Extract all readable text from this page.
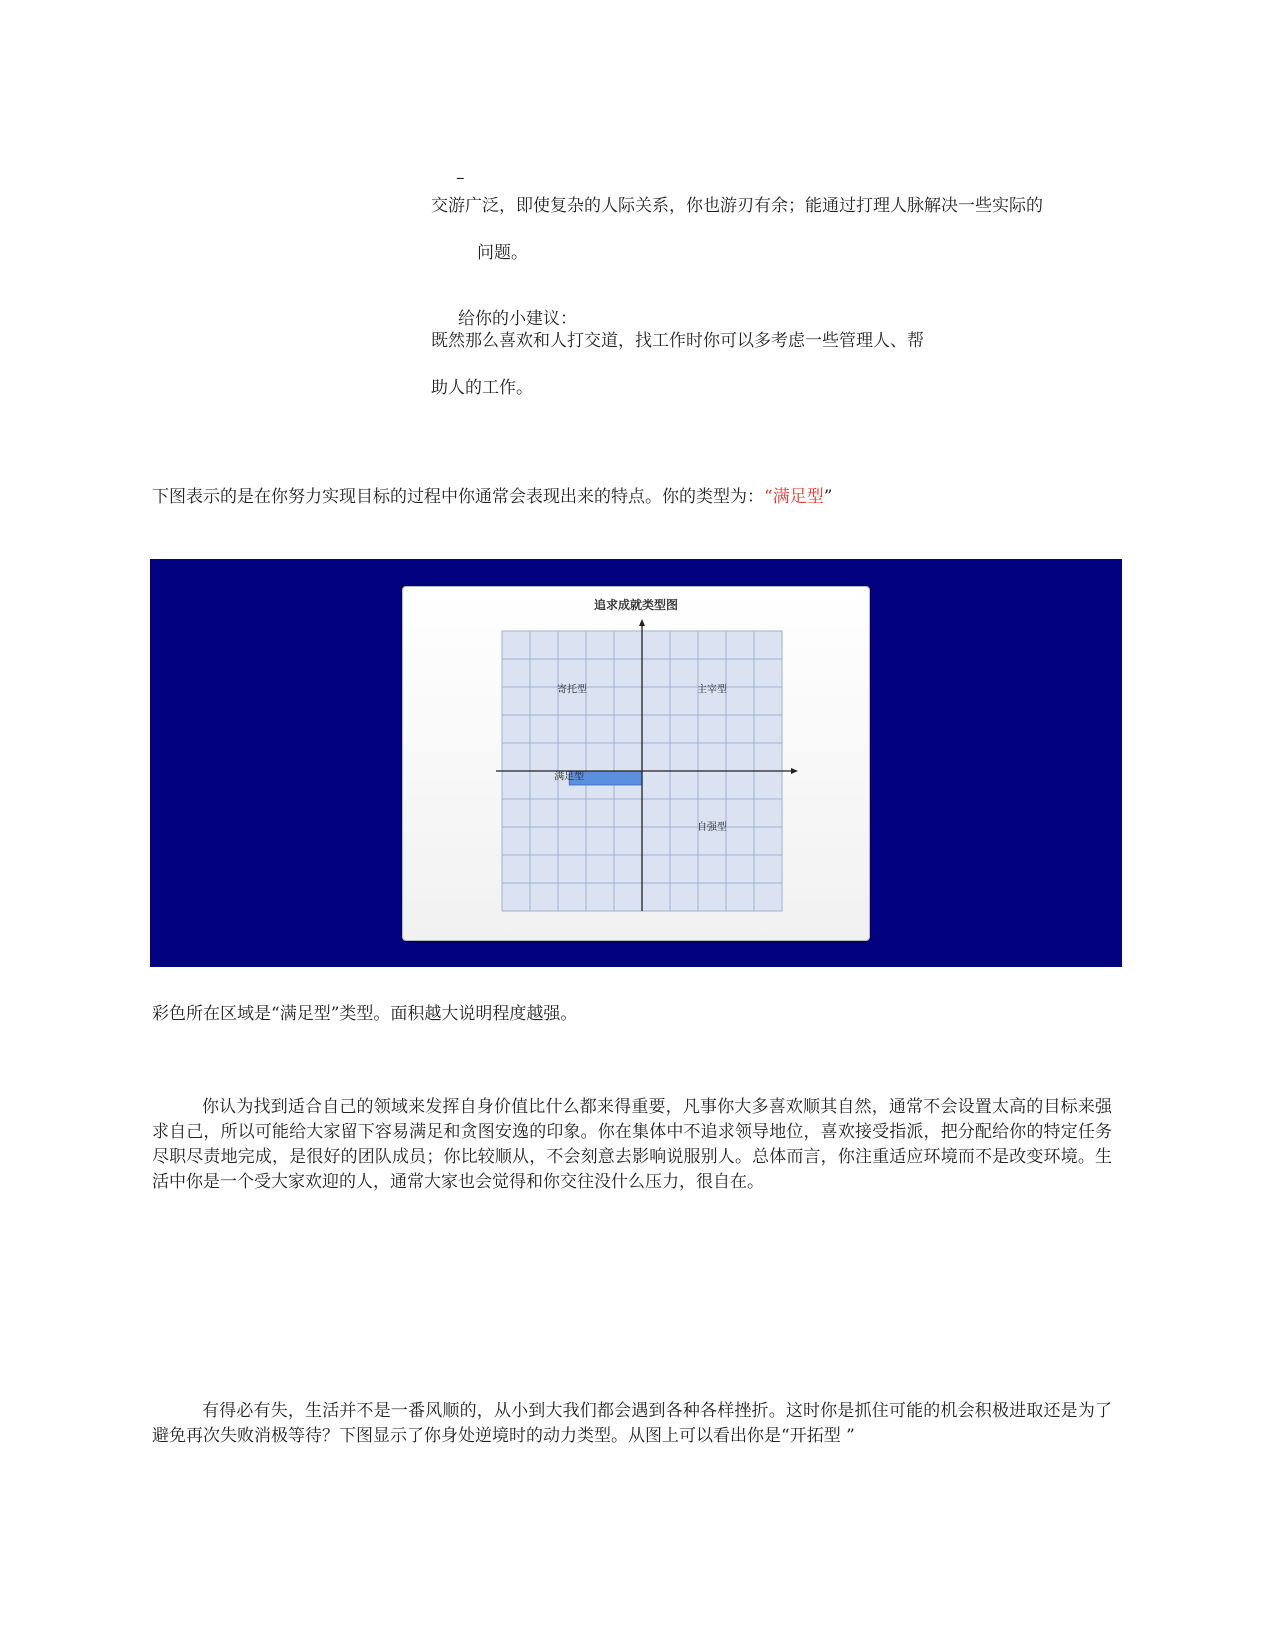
–
交游广泛，即使复杂的人际关系，你也游刃有余；能通过打理人脉解决一些实际的
问题。
给你的小建议：
既然那么喜欢和人打交道，找工作时你可以多考虑一些管理人、帮
助人的工作。
下图表示的是在你努力实现目标的过程中你通常会表现出来的特点。你的类型为：“满足型”
追求成就类型图
寄托型	主宰型
满足型
自强型
彩色所在区域是“满足型”类型。面积越大说明程度越强。

你认为找到适合自己的领域来发挥自身价值比什么都来得重要，凡事你大多喜欢顺其自然，通常不会设置太高的目标来强求自己，所以可能给大家留下容易满足和贪图安逸的印象。你在集体中不追求领导地位，喜欢接受指派，把分配给你的特定任务尽职尽责地完成，是很好的团队成员；你比较顺从，不会刻意去影响说服别人。总体而言，你注重适应环境而不是改变环境。生活中你是一个受大家欢迎的人，通常大家也会觉得和你交往没什么压力，很自在。

有得必有失，生活并不是一番风顺的，从小到大我们都会遇到各种各样挫折。这时你是抓住可能的机会积极进取还是为了避免再次失败消极等待？下图显示了你身处逆境时的动力类型。从图上可以看出你是“开拓型 ”
